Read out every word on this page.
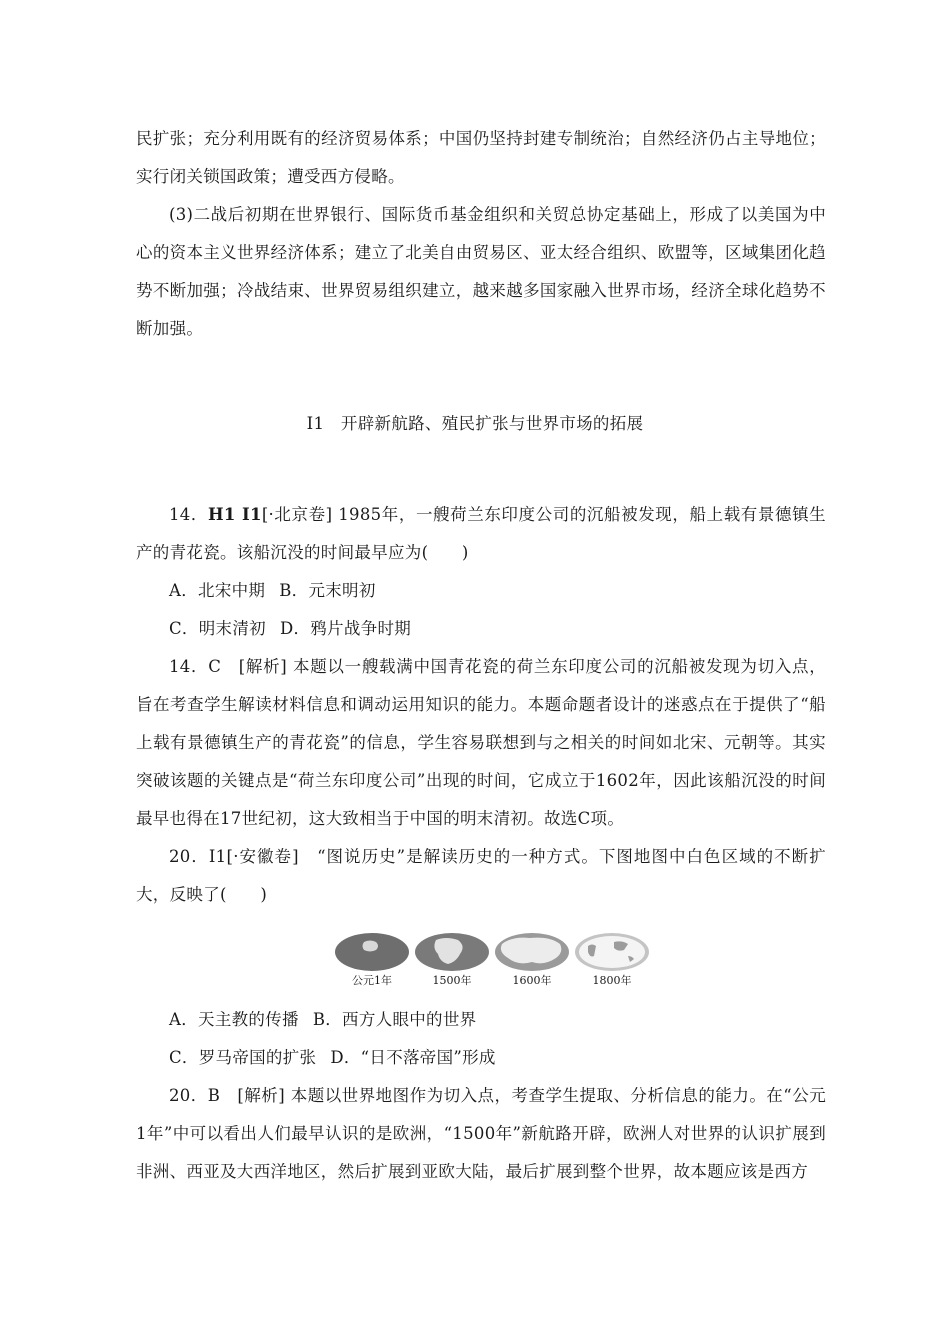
民扩张；充分利用既有的经济贸易体系；中国仍坚持封建专制统治；自然经济仍占主导地位；实行闭关锁国政策；遭受西方侵略。

(3)二战后初期在世界银行、国际货币基金组织和关贸总协定基础上，形成了以美国为中心的资本主义世界经济体系；建立了北美自由贸易区、亚太经合组织、欧盟等，区域集团化趋势不断加强；冷战结束、世界贸易组织建立，越来越多国家融入世界市场，经济全球化趋势不断加强。

I1 开辟新航路、殖民扩张与世界市场的拓展

14．H1 I1[·北京卷] 1985年，一艘荷兰东印度公司的沉船被发现，船上载有景德镇生产的青花瓷。该船沉没的时间最早应为(　　)

A．北宋中期 B．元末明初
C．明末清初 D．鸦片战争时期

14．C　[解析] 本题以一艘载满中国青花瓷的荷兰东印度公司的沉船被发现为切入点，旨在考查学生解读材料信息和调动运用知识的能力。本题命题者设计的迷惑点在于提供了“船上载有景德镇生产的青花瓷”的信息，学生容易联想到与之相关的时间如北宋、元朝等。其实突破该题的关键点是“荷兰东印度公司”出现的时间，它成立于1602年，因此该船沉没的时间最早也得在17世纪初，这大致相当于中国的明末清初。故选C项。

20．I1[·安徽卷]　“图说历史”是解读历史的一种方式。下图地图中白色区域的不断扩大，反映了(　　)

公元1年	1500年	1600年	1800年
A．天主教的传播 B．西方人眼中的世界
C．罗马帝国的扩张 D．“日不落帝国”形成

20．B　[解析] 本题以世界地图作为切入点，考查学生提取、分析信息的能力。在“公元1年”中可以看出人们最早认识的是欧洲，“1500年”新航路开辟，欧洲人对世界的认识扩展到非洲、西亚及大西洋地区，然后扩展到亚欧大陆，最后扩展到整个世界，故本题应该是西方
